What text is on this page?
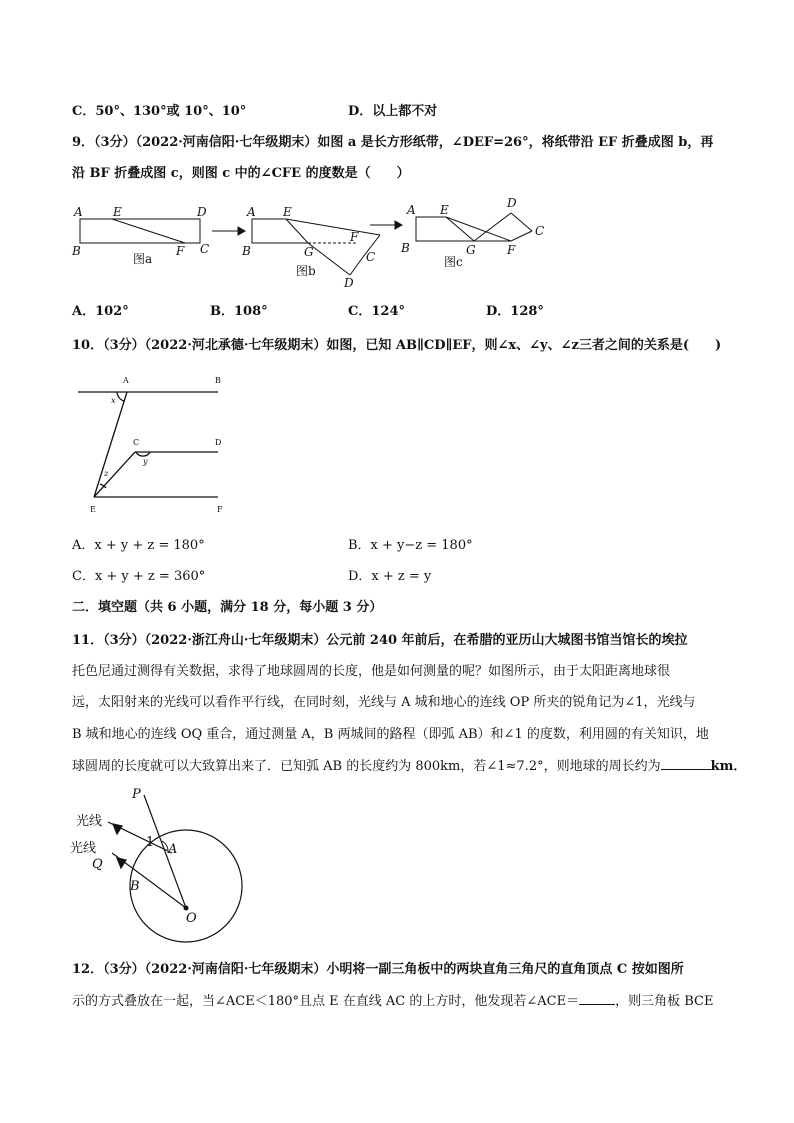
C．50°、130°或 10°、10°	D．以上都不对
9．（3分）（2022·河南信阳·七年级期末）如图 a 是长方形纸带，∠DEF=26°，将纸带沿 EF 折叠成图 b，再
沿 BF 折叠成图 c，则图 c 中的∠CFE 的度数是（　　）
A	E	D
B	F C
图a
A E
B	G
F
C
D
图b
A E	D
C
B	G	F
图c
A．102°	B．108°	C．124°	D．128°
10．（3分）（2022·河北承德·七年级期末）如图，已知 AB∥CD∥EF，则∠x、∠y、∠z三者之间的关系是(　　)
A	B
x
C	D
y
z
E	F
A．x + y + z = 180°	B．x + y−z = 180°
C．x + y + z = 360°	D．x + z = y
二．填空题（共 6 小题，满分 18 分，每小题 3 分）
11．（3分）（2022·浙江舟山·七年级期末）公元前 240 年前后，在希腊的亚历山大城图书馆当馆长的埃拉
托色尼通过测得有关数据，求得了地球圆周的长度，他是如何测量的呢？如图所示，由于太阳距离地球很
远，太阳射来的光线可以看作平行线，在同时刻，光线与 A 城和地心的连线 OP 所夹的锐角记为∠1，光线与
B 城和地心的连线 OQ 重合，通过测量 A，B 两城间的路程（即弧 AB）和∠1 的度数，利用圆的有关知识，地
球圆周的长度就可以大致算出来了．已知弧 AB 的长度约为 800km，若∠1≈7.2°，则地球的周长约为	km．
P
光线
1 A
光线
Q
B
O
12．（3分）（2022·河南信阳·七年级期末）小明将一副三角板中的两块直角三角尺的直角顶点 C 按如图所
示的方式叠放在一起，当∠ACE＜180°且点 E 在直线 AC 的上方时，他发现若∠ACE＝	，则三角板 BCE
